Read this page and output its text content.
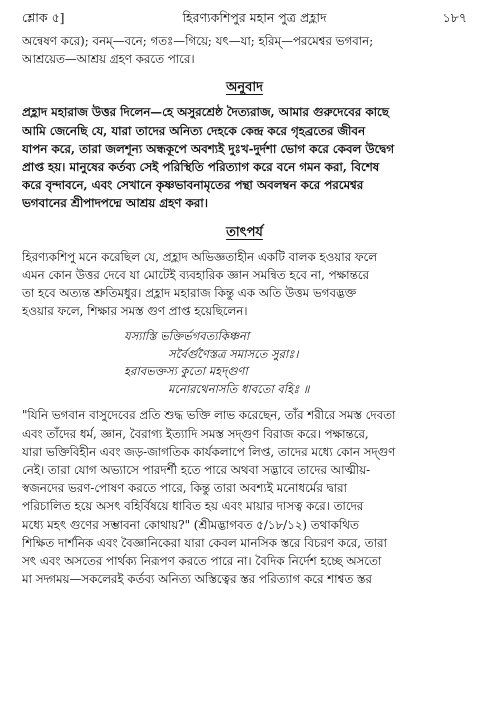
শ্লোক ৫]	হিরণ্যকশিপুর মহান পুত্র প্রহ্লাদ	১৮৭

অন্বেষণ করে); বনম্—বনে; গতঃ—গিয়ে; যৎ—যা; হরিম্—পরমেশ্বর ভগবান;
আশ্রয়েত—আশ্রয় গ্রহণ করতে পারে।

অনুবাদ

প্রহ্লাদ মহারাজ উত্তর দিলেন—হে অসুরশ্রেষ্ঠ দৈত্যরাজ, আমার গুরুদেবের কাছে
আমি জেনেছি যে, যারা তাদের অনিত্য দেহকে কেন্দ্র করে গৃহব্রতের জীবন
যাপন করে, তারা জলশূন্য অন্ধকূপে অবশ্যই দুঃখ-দুর্দশা ভোগ করে কেবল উদ্বেগ
প্রাপ্ত হয়। মানুষের কর্তব্য সেই পরিস্থিতি পরিত্যাগ করে বনে গমন করা, বিশেষ
করে বৃন্দাবনে, এবং সেখানে কৃষ্ণভাবনামৃতের পন্থা অবলম্বন করে পরমেশ্বর
ভগবানের শ্রীপাদপদ্মে আশ্রয় গ্রহণ করা।

তাৎপর্য

হিরণ্যকশিপু মনে করেছিল যে, প্রহ্লাদ অভিজ্ঞতাহীন একটি বালক হওয়ার ফলে
এমন কোন উত্তর দেবে যা মোটেই ব্যবহারিক জ্ঞান সমন্বিত হবে না, পক্ষান্তরে
তা হবে অত্যন্ত শ্রুতিমধুর। প্রহ্লাদ মহারাজ কিন্তু এক অতি উত্তম ভগবদ্ভক্ত
হওয়ার ফলে, শিক্ষার সমস্ত গুণ প্রাপ্ত হয়েছিলেন।

যস্যাস্তি ভক্তির্ভগবত্যকিঞ্চনা
সর্বৈর্গুণৈস্তত্র সমাসতে সুরাঃ।
হরাবভক্তস্য কুতো মহদ্গুণা
মনোরথেনাসতি ধাবতো বহিঃ ॥

"যিনি ভগবান বাসুদেবের প্রতি শুদ্ধ ভক্তি লাভ করেছেন, তাঁর শরীরে সমস্ত দেবতা
এবং তাঁদের ধর্ম, জ্ঞান, বৈরাগ্য ইত্যাদি সমস্ত সদ্গুণ বিরাজ করে। পক্ষান্তরে,
যারা ভক্তিবিহীন এবং জড়-জাগতিক কার্যকলাপে লিপ্ত, তাদের মধ্যে কোন সদ্গুণ
নেই। তারা যোগ অভ্যাসে পারদর্শী হতে পারে অথবা সদ্ভাবে তাদের আত্মীয়-
স্বজনদের ভরণ-পোষণ করতে পারে, কিন্তু তারা অবশ্যই মনোধর্মের দ্বারা
পরিচালিত হয়ে অসৎ বহির্বিষয়ে ধাবিত হয় এবং মায়ার দাসত্ব করে। তাদের
মধ্যে মহৎ গুণের সম্ভাবনা কোথায়?" (শ্রীমদ্ভাগবত ৫/১৮/১২) তথাকথিত
শিক্ষিত দার্শনিক এবং বৈজ্ঞানিকেরা যারা কেবল মানসিক স্তরে বিচরণ করে, তারা
সৎ এবং অসতের পার্থক্য নিরূপণ করতে পারে না। বৈদিক নির্দেশ হচ্ছে অসতো
মা সদ্গময়—সকলেরই কর্তব্য অনিত্য অস্তিত্বের স্তর পরিত্যাগ করে শাশ্বত স্তর
